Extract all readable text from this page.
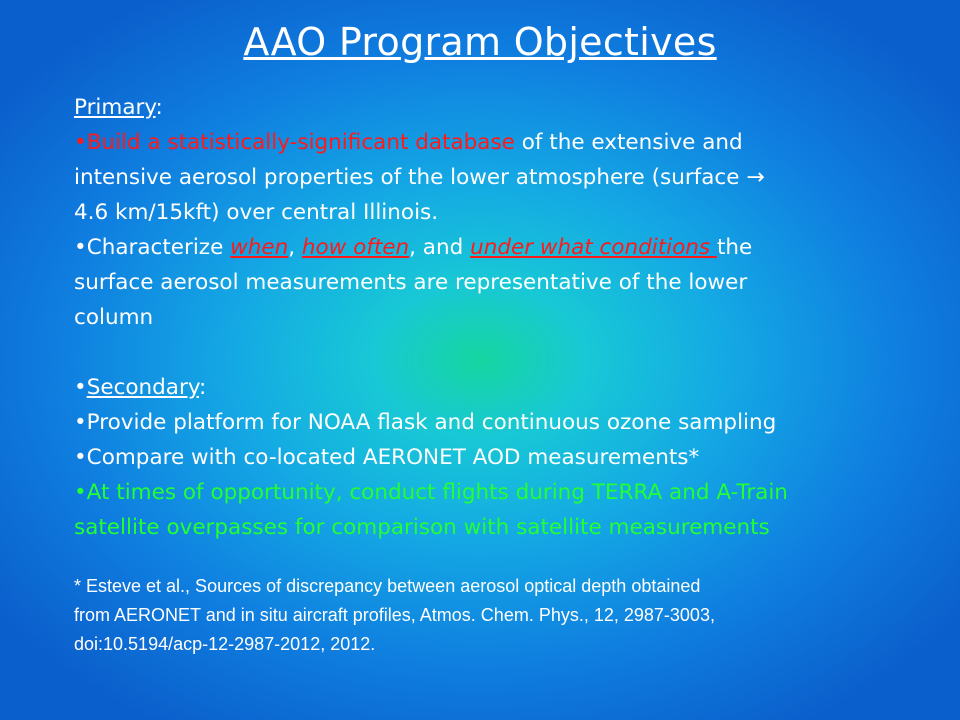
AAO Program Objectives
Primary:
•Build a statistically-significant database of the extensive and
intensive aerosol properties of the lower atmosphere (surface →
4.6 km/15kft) over central Illinois.
•Characterize when, how often, and under what conditions the
surface aerosol measurements are representative of the lower
column
•Secondary:
•Provide platform for NOAA flask and continuous ozone sampling
•Compare with co-located AERONET AOD measurements*
•At times of opportunity, conduct flights during TERRA and A-Train
satellite overpasses for comparison with satellite measurements
* Esteve et al., Sources of discrepancy between aerosol optical depth obtained
from AERONET and in situ aircraft profiles, Atmos. Chem. Phys., 12, 2987-3003,
doi:10.5194/acp-12-2987-2012, 2012.
